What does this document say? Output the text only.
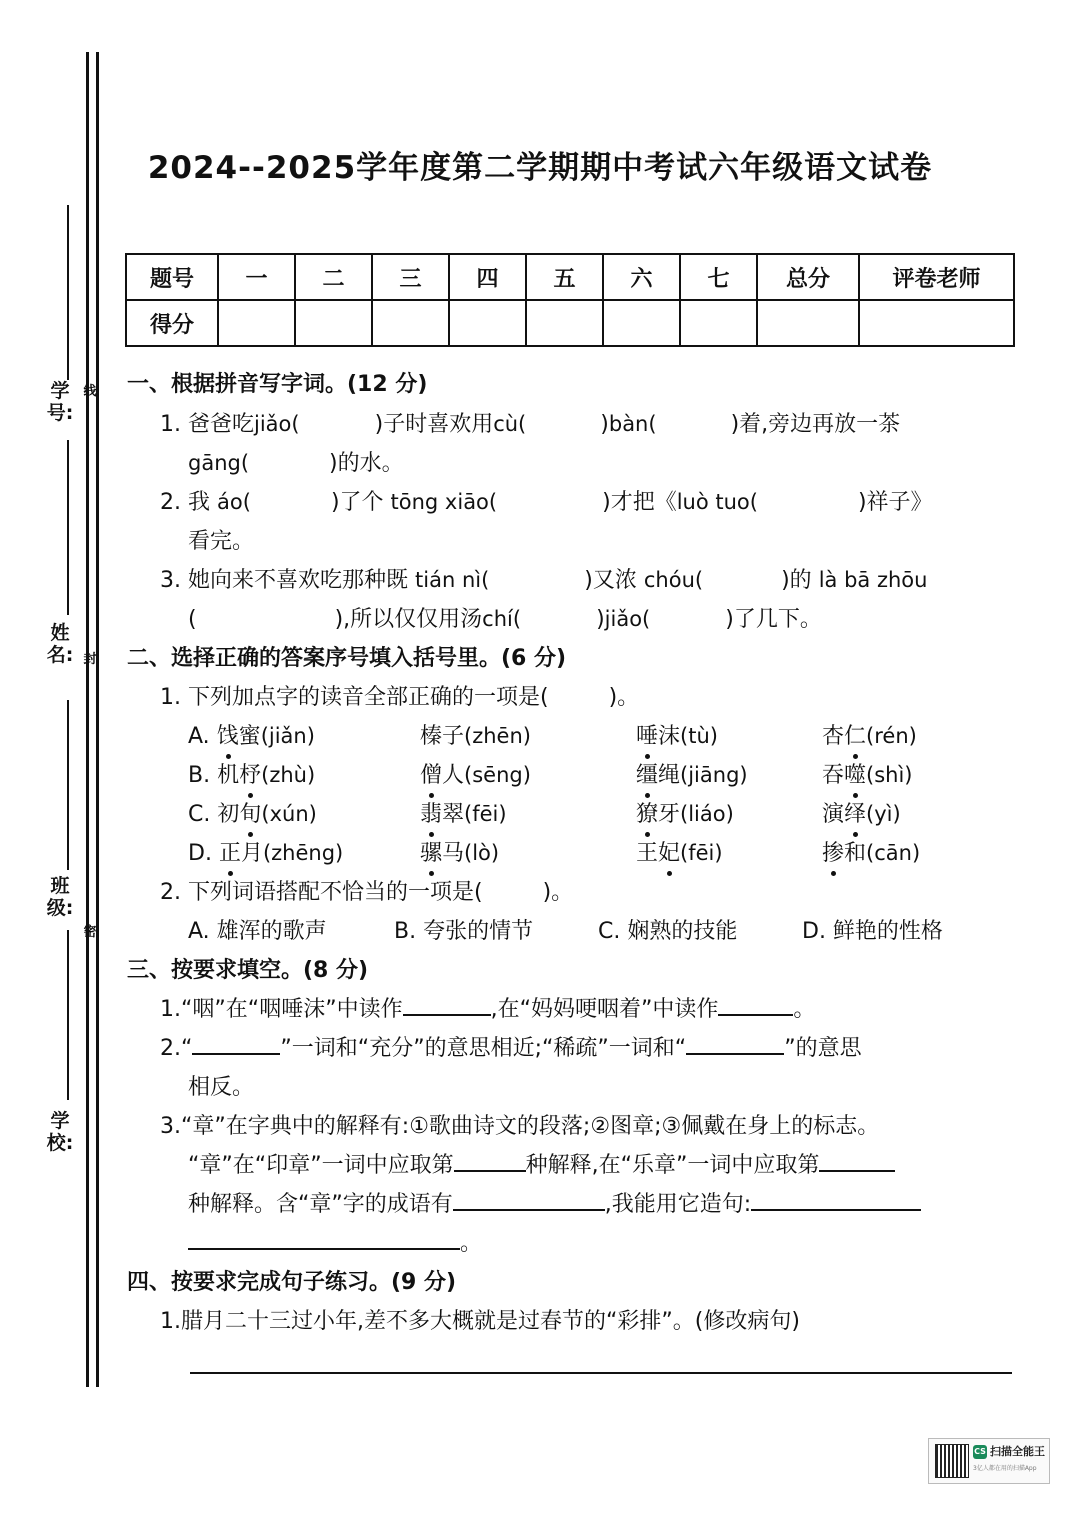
学号:
线
姓名: 封
班级:
密
学校:
2024--2025学年度第二学期期中考试六年级语文试卷
题号	一	二	三	四	五	六	七	总分	评卷老师
得分									
一、根据拼音写字词。(12 分)
1. 爸爸吃jiǎo(	)子时喜欢用cù(	)bàn(	)着,旁边再放一茶
gāng(	)的水。
2. 我 áo(	)了个 tōng xiāo(	)才把《luò tuo(	)祥子》
看完。
3. 她向来不喜欢吃那种既 tián nì(	)又浓 chóu(	)的 là bā zhōu
(	),所以仅仅用汤chí(	)jiǎo(	)了几下。
二、选择正确的答案序号填入括号里。(6 分)
1. 下列加点字的读音全部正确的一项是(	)。
A. 饯蜜(jiǎn)	榛子(zhēn)	唾沫(tù)	杏仁(rén)
B. 机杼(zhù)	僧人(sēng)	缰绳(jiāng)	吞噬(shì)
C. 初旬(xún)	翡翠(fēi)	獠牙(liáo)	演绎(yì)
D. 正月(zhēng)	骡马(lò)	王妃(fēi)	掺和(cān)
2. 下列词语搭配不恰当的一项是(	)。
A. 雄浑的歌声	B. 夸张的情节	C. 娴熟的技能	D. 鲜艳的性格
三、按要求填空。(8 分)
1.“咽”在“咽唾沫”中读作	,在“妈妈哽咽着”中读作	。
2.“	”一词和“充分”的意思相近;“稀疏”一词和“	”的意思
相反。
3.“章”在字典中的解释有:①歌曲诗文的段落;②图章;③佩戴在身上的标志。
“章”在“印章”一词中应取第	种解释,在“乐章”一词中应取第
种解释。含“章”字的成语有	,我能用它造句:
。
四、按要求完成句子练习。(9 分)
1.腊月二十三过小年,差不多大概就是过春节的“彩排”。(修改病句)
CS 扫描全能王
3亿人都在用的扫描App
